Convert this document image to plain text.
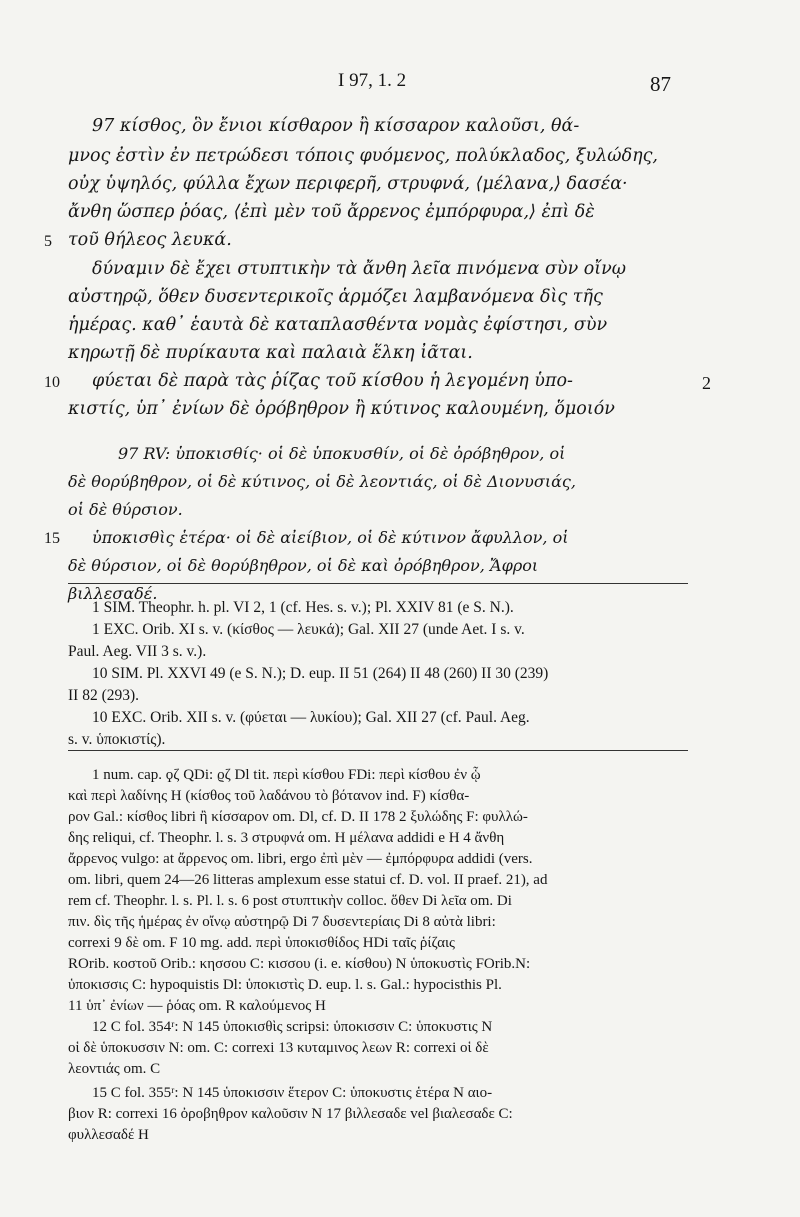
I 97, 1. 2	87
97 κίσθος, ὃν ἔνιοι κίσθαρον ἢ κίσσαρον καλοῦσι, θά-
μνος ἐστὶν ἐν πετρώδεσι τόποις φυόμενος, πολύκλαδος, ξυλώδης,
οὐχ ὑψηλός, φύλλα ἔχων περιφερῆ, στρυφνά, ⟨μέλανα,⟩ δασέα·
ἄνθη ὥσπερ ῥόας, ⟨ἐπὶ μὲν τοῦ ἄρρενος ἐμπόρφυρα,⟩ ἐπὶ δὲ
5 τοῦ θήλεος λευκά.
δύναμιν δὲ ἔχει στυπτικὴν τὰ ἄνθη λεῖα πινόμενα σὺν οἴνῳ
αὐστηρῷ, ὅθεν δυσεντερικοῖς ἁρμόζει λαμβανόμενα δὶς τῆς
ἡμέρας. καθ᾽ ἑαυτὰ δὲ καταπλασθέντα νομὰς ἐφίστησι, σὺν
κηρωτῇ δὲ πυρίκαυτα καὶ παλαιὰ ἕλκη ἰᾶται.
10 φύεται δὲ παρὰ τὰς ῥίζας τοῦ κίσθου ἡ λεγομένη ὑπο-	2
κιστίς, ὑπ᾽ ἐνίων δὲ ὀρόβηθρον ἢ κύτινος καλουμένη, ὅμοιόν
97 RV: ὑποκισθίς· οἱ δὲ ὑποκυσθίν, οἱ δὲ ὀρόβηθρον, οἱ
δὲ θορύβηθρον, οἱ δὲ κύτινος, οἱ δὲ λεοντιάς, οἱ δὲ Διονυσιάς,
οἱ δὲ θύρσιον.
15 ὑποκισθὶς ἑτέρα· οἱ δὲ αἰείβιον, οἱ δὲ κύτινον ἄφυλλον, οἱ
δὲ θύρσιον, οἱ δὲ θορύβηθρον, οἱ δὲ καὶ ὀρόβηθρον, Ἄφροι
βιλλεσαδέ.
1 SIM. Theophr. h. pl. VI 2, 1 (cf. Hes. s. v.); Pl. XXIV 81 (e S. N.).
1 EXC. Orib. XI s. v. (κίσθος — λευκά); Gal. XII 27 (unde Aet. I s. v.
Paul. Aeg. VII 3 s. v.).
10 SIM. Pl. XXVI 49 (e S. N.); D. eup. II 51 (264) II 48 (260) II 30 (239)
II 82 (293).
10 EXC. Orib. XII s. v. (φύεται — λυκίου); Gal. XII 27 (cf. Paul. Aeg.
s. v. ὑποκιστίς).
1 num. cap. ϙζ QDi: ϱζ Dl tit. περὶ κίσθου FDi: περὶ κίσθου ἐν ᾧ
καὶ περὶ λαδίνης H (κίσθος τοῦ λαδάνου τὸ βότανον ind. F) κίσθα-
ρον Gal.: κίσθος libri ἢ κίσσαρον om. Dl, cf. D. II 178 2 ξυλώδης F: φυλλώ-
δης reliqui, cf. Theophr. l. s. 3 στρυφνά om. H μέλανα addidi e H 4 ἄνθη
ἄρρενος vulgo: at ἄρρενος om. libri, ergo ἐπὶ μὲν — ἐμπόρφυρα addidi (vers.
om. libri, quem 24—26 litteras amplexum esse statui cf. D. vol. II praef. 21), ad
rem cf. Theophr. l. s. Pl. l. s. 6 post στυπτικὴν colloc. ὅθεν Di λεῖα om. Di
πιν. δὶς τῆς ἡμέρας ἐν οἴνῳ αὐστηρῷ Di 7 δυσεντερίαις Di 8 αὐτὰ libri:
correxi 9 δὲ om. F 10 mg. add. περὶ ὑποκισθίδος HDi ταῖς ῥίζαις
ROrib. κοστοῦ Orib.: κησσου C: κισσου (i. e. κίσθου) N ὑποκυστὶς FOrib.N:
ὑποκισσις C: hypoquistis Dl: ὑποκιστὶς D. eup. l. s. Gal.: hypocisthis Pl.
11 ὑπ᾽ ἐνίων — ῥόας om. R καλούμενος H
12 C fol. 354ʳ: N 145 ὑποκισθὶς scripsi: ὑποκισσιν C: ὑποκυστις N
οἱ δὲ ὑποκυσσιν N: om. C: correxi 13 κυταμινος λεων R: correxi οἱ δὲ
λεοντιάς om. C
15 C fol. 355ʳ: N 145 ὑποκισσιν ἕτερον C: ὑποκυστις ἑτέρα N αιο-
βιον R: correxi 16 ὀροβηθρον καλοῦσιν N 17 βιλλεσαδε vel βιαλεσαδε C:
φυλλεσαδέ H
